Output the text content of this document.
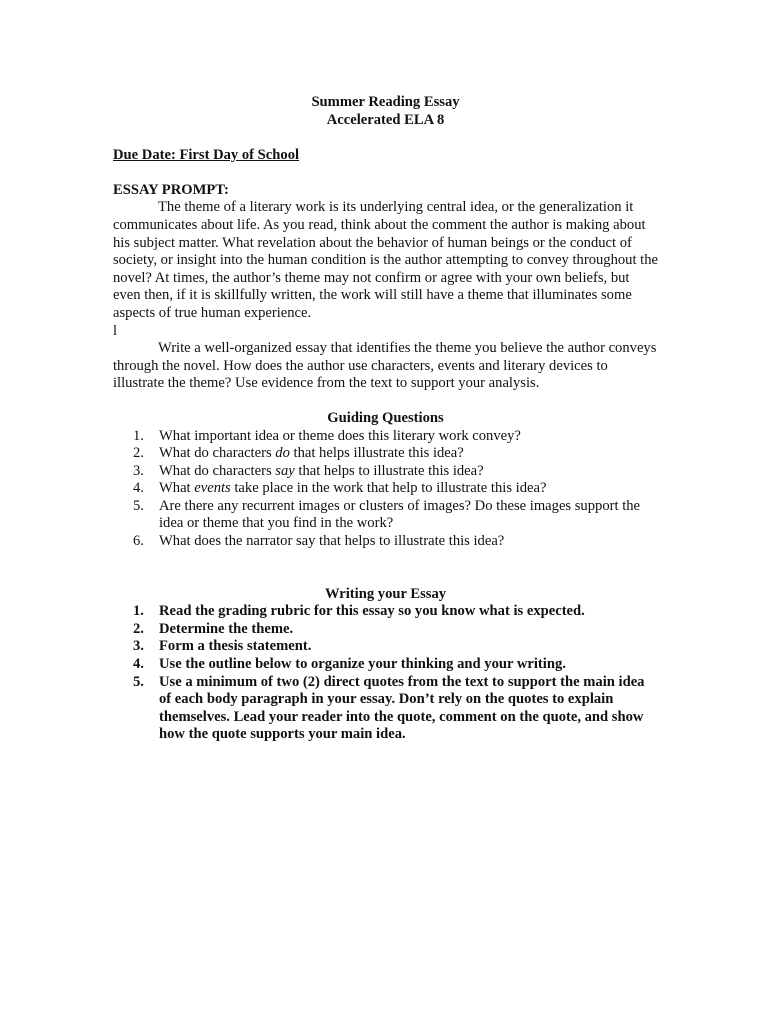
Summer Reading Essay
Accelerated ELA 8
Due Date: First Day of School
ESSAY PROMPT:
The theme of a literary work is its underlying central idea, or the generalization it communicates about life. As you read, think about the comment the author is making about his subject matter. What revelation about the behavior of human beings or the conduct of society, or insight into the human condition is the author attempting to convey throughout the novel? At times, the author’s theme may not confirm or agree with your own beliefs, but even then, if it is skillfully written, the work will still have a theme that illuminates some aspects of true human experience.
l
Write a well-organized essay that identifies the theme you believe the author conveys through the novel. How does the author use characters, events and literary devices to illustrate the theme? Use evidence from the text to support your analysis.
Guiding Questions
1. What important idea or theme does this literary work convey?
2. What do characters do that helps illustrate this idea?
3. What do characters say that helps to illustrate this idea?
4. What events take place in the work that help to illustrate this idea?
5. Are there any recurrent images or clusters of images? Do these images support the idea or theme that you find in the work?
6. What does the narrator say that helps to illustrate this idea?
Writing your Essay
1. Read the grading rubric for this essay so you know what is expected.
2. Determine the theme.
3. Form a thesis statement.
4. Use the outline below to organize your thinking and your writing.
5. Use a minimum of two (2) direct quotes from the text to support the main idea of each body paragraph in your essay. Don’t rely on the quotes to explain themselves. Lead your reader into the quote, comment on the quote, and show how the quote supports your main idea.
